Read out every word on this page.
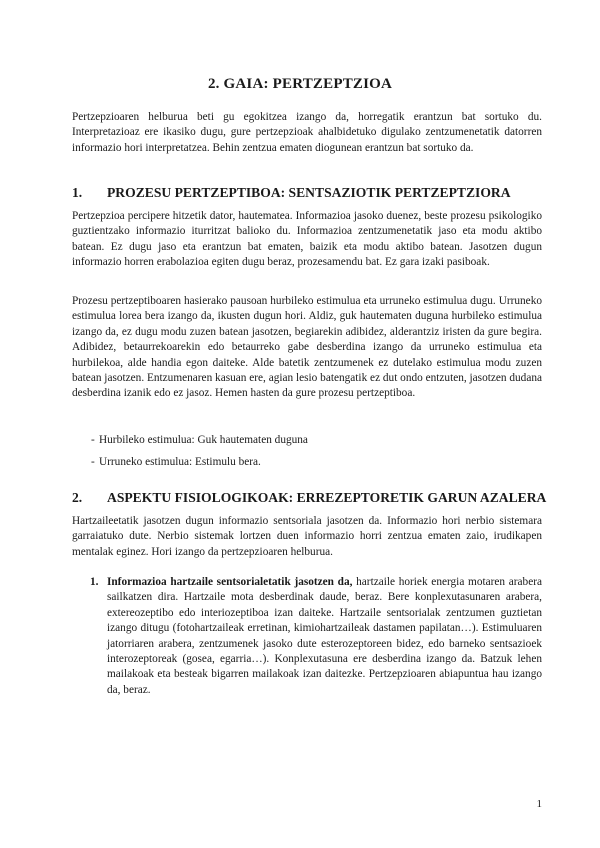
2. GAIA: PERTZEPTZIOA

Pertzepzioaren helburua beti gu egokitzea izango da, horregatik erantzun bat sortuko du. Interpretazioaz ere ikasiko dugu, gure pertzepzioak ahalbidetuko digulako zentzumenetatik datorren informazio hori interpretatzea. Behin zentzua ematen diogunean erantzun bat sortuko da.

1. PROZESU PERTZEPTIBOA: SENTSAZIOTIK PERTZEPTZIORA

Pertzepzioa percipere hitzetik dator, hautematea. Informazioa jasoko duenez, beste prozesu psikologiko guztientzako informazio iturritzat balioko du. Informazioa zentzumenetatik jaso eta modu aktibo batean. Ez dugu jaso eta erantzun bat ematen, baizik eta modu aktibo batean. Jasotzen dugun informazio horren erabolazioa egiten dugu beraz, prozesamendu bat. Ez gara izaki pasiboak.

Prozesu pertzeptiboaren hasierako pausoan hurbileko estimulua eta urruneko estimulua dugu. Urruneko estimulua lorea bera izango da, ikusten dugun hori. Aldiz, guk hautematen duguna hurbileko estimulua izango da, ez dugu modu zuzen batean jasotzen, begiarekin adibidez, alderantziz iristen da gure begira. Adibidez, betaurrekoarekin edo betaurreko gabe desberdina izango da urruneko estimulua eta hurbilekoa, alde handia egon daiteke. Alde batetik zentzumenek ez dutelako estimulua modu zuzen batean jasotzen. Entzumenaren kasuan ere, agian lesio batengatik ez dut ondo entzuten, jasotzen dudana desberdina izanik edo ez jasoz. Hemen hasten da gure prozesu pertzeptiboa.

- Hurbileko estimulua: Guk hautematen duguna
- Urruneko estimulua: Estimulu bera.
2. ASPEKTU FISIOLOGIKOAK: ERREZEPTORETIK GARUN AZALERA

Hartzaileetatik jasotzen dugun informazio sentsoriala jasotzen da. Informazio hori nerbio sistemara garraiatuko dute. Nerbio sistemak lortzen duen informazio horri zentzua ematen zaio, irudikapen mentalak eginez. Hori izango da pertzepzioaren helburua.

1. Informazioa hartzaile sentsorialetatik jasotzen da, hartzaile horiek energia motaren arabera sailkatzen dira. Hartzaile mota desberdinak daude, beraz. Bere konplexutasunaren arabera, extereozeptibo edo interiozeptiboa izan daiteke. Hartzaile sentsorialak zentzumen guztietan izango ditugu (fotohartzaileak erretinan, kimiohartzaileak dastamen papilatan…). Estimuluaren jatorriaren arabera, zentzumenek jasoko dute esterozeptoreen bidez, edo barneko sentsazioek interozeptoreak (gosea, egarria…). Konplexutasuna ere desberdina izango da. Batzuk lehen mailakoak eta besteak bigarren mailakoak izan daitezke. Pertzepzioaren abiapuntua hau izango da, beraz.
1
